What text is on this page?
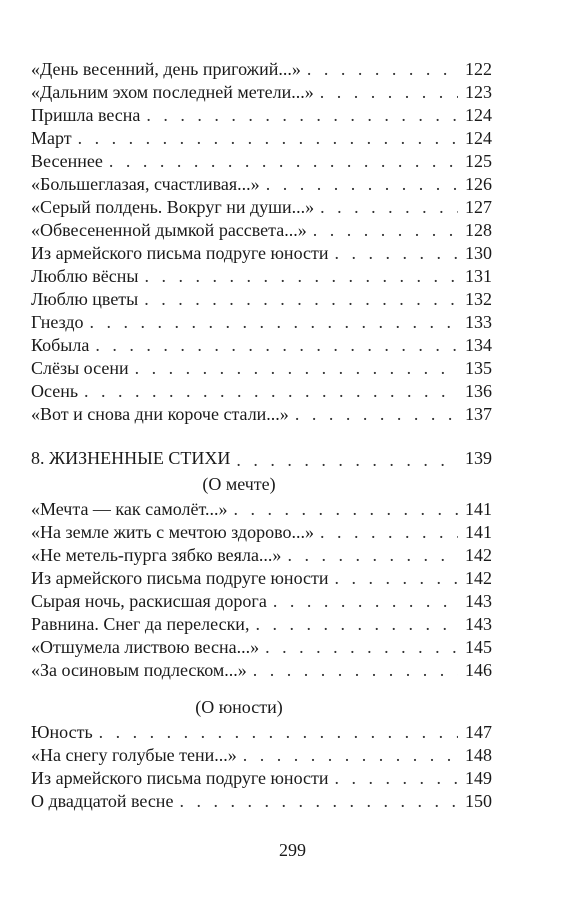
«День весенний, день пригожий...» . . .	122
«Дальним эхом последней метели...» . . .	123
Пришла весна . . .	124
Март . . .	124
Весеннее . . .	125
«Большеглазая, счастливая...» . . .	126
«Серый полдень. Вокруг ни души...» . . .	127
«Обвесененной дымкой рассвета...» . . .	128
Из армейского письма подруге юности . . .	130
Люблю вёсны . . .	131
Люблю цветы . . .	132
Гнездо . . .	133
Кобыла . . .	134
Слёзы осени . . .	135
Осень . . .	136
«Вот и снова дни короче стали...» . . .	137
8. ЖИЗНЕННЫЕ СТИХИ . . .	139
(О мечте)
«Мечта — как самолёт...» . . .	141
«На земле жить с мечтою здорово...» . . .	141
«Не метель-пурга зябко веяла...» . . .	142
Из армейского письма подруге юности . . .	142
Сырая ночь, раскисшая дорога . . .	143
Равнина. Снег да перелески, . . .	143
«Отшумела листвою весна...» . . .	145
«За осиновым подлеском...» . . .	146
(О юности)
Юность . . .	147
«На снегу голубые тени...» . . .	148
Из армейского письма подруге юности . . .	149
О двадцатой весне . . .	150
299
